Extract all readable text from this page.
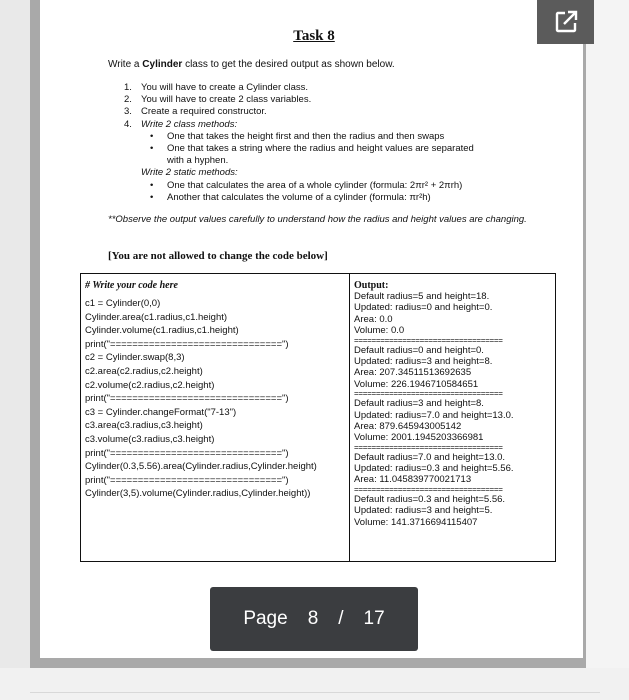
Task 8
Write a Cylinder class to get the desired output as shown below.
1. You will have to create a Cylinder class.
2. You will have to create 2 class variables.
3. Create a required constructor.
4. Write 2 class methods:
• One that takes the height first and then the radius and then swaps
• One that takes a string where the radius and height values are separated
with a hyphen.
Write 2 static methods:
• One that calculates the area of a whole cylinder (formula: 2πr² + 2πrh)
• Another that calculates the volume of a cylinder (formula: πr²h)
**Observe the output values carefully to understand how the radius and height values are changing.
[You are not allowed to change the code below]
# Write your code here
c1 = Cylinder(0,0)
Cylinder.area(c1.radius,c1.height)
Cylinder.volume(c1.radius,c1.height)
print("===============================")
c2 = Cylinder.swap(8,3)
c2.area(c2.radius,c2.height)
c2.volume(c2.radius,c2.height)
print("===============================")
c3 = Cylinder.changeFormat("7-13")
c3.area(c3.radius,c3.height)
c3.volume(c3.radius,c3.height)
print("===============================")
Cylinder(0.3,5.56).area(Cylinder.radius,Cylinder.height)
print("===============================")
Cylinder(3,5).volume(Cylinder.radius,Cylinder.height))
Output:
Default radius=5 and height=18.
Updated: radius=0 and height=0.
Area: 0.0
Volume: 0.0
==================================
Default radius=0 and height=0.
Updated: radius=3 and height=8.
Area: 207.34511513692635
Volume: 226.1946710584651
==================================
Default radius=3 and height=8.
Updated: radius=7.0 and height=13.0.
Area: 879.645943005142
Volume: 2001.1945203366981
==================================
Default radius=7.0 and height=13.0.
Updated: radius=0.3 and height=5.56.
Area: 11.045839770021713
==================================
Default radius=0.3 and height=5.56.
Updated: radius=3 and height=5.
Volume: 141.3716694115407
Page 8 / 17
